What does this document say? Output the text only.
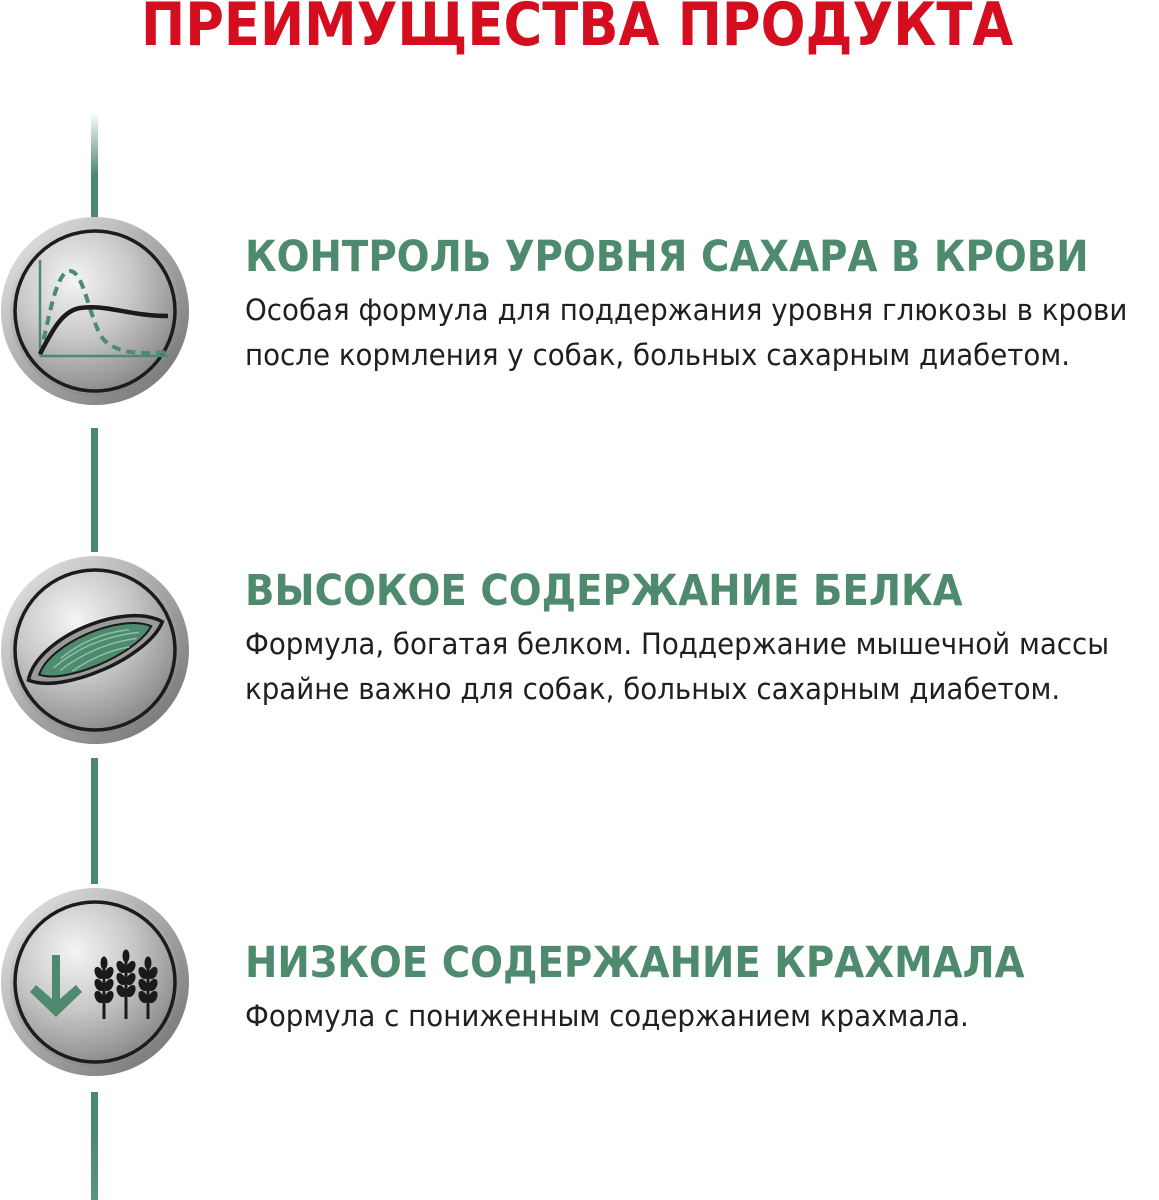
ПРЕИМУЩЕСТВА ПРОДУКТА
КОНТРОЛЬ УРОВНЯ САХАРА В КРОВИ
Особая формула для поддержания уровня глюкозы в крови после кормления у собак, больных сахарным диабетом.
ВЫСОКОЕ СОДЕРЖАНИЕ БЕЛКА
Формула, богатая белком. Поддержание мышечной массы крайне важно для собак, больных сахарным диабетом.
НИЗКОЕ СОДЕРЖАНИЕ КРАХМАЛА
Формула с пониженным содержанием крахмала.
